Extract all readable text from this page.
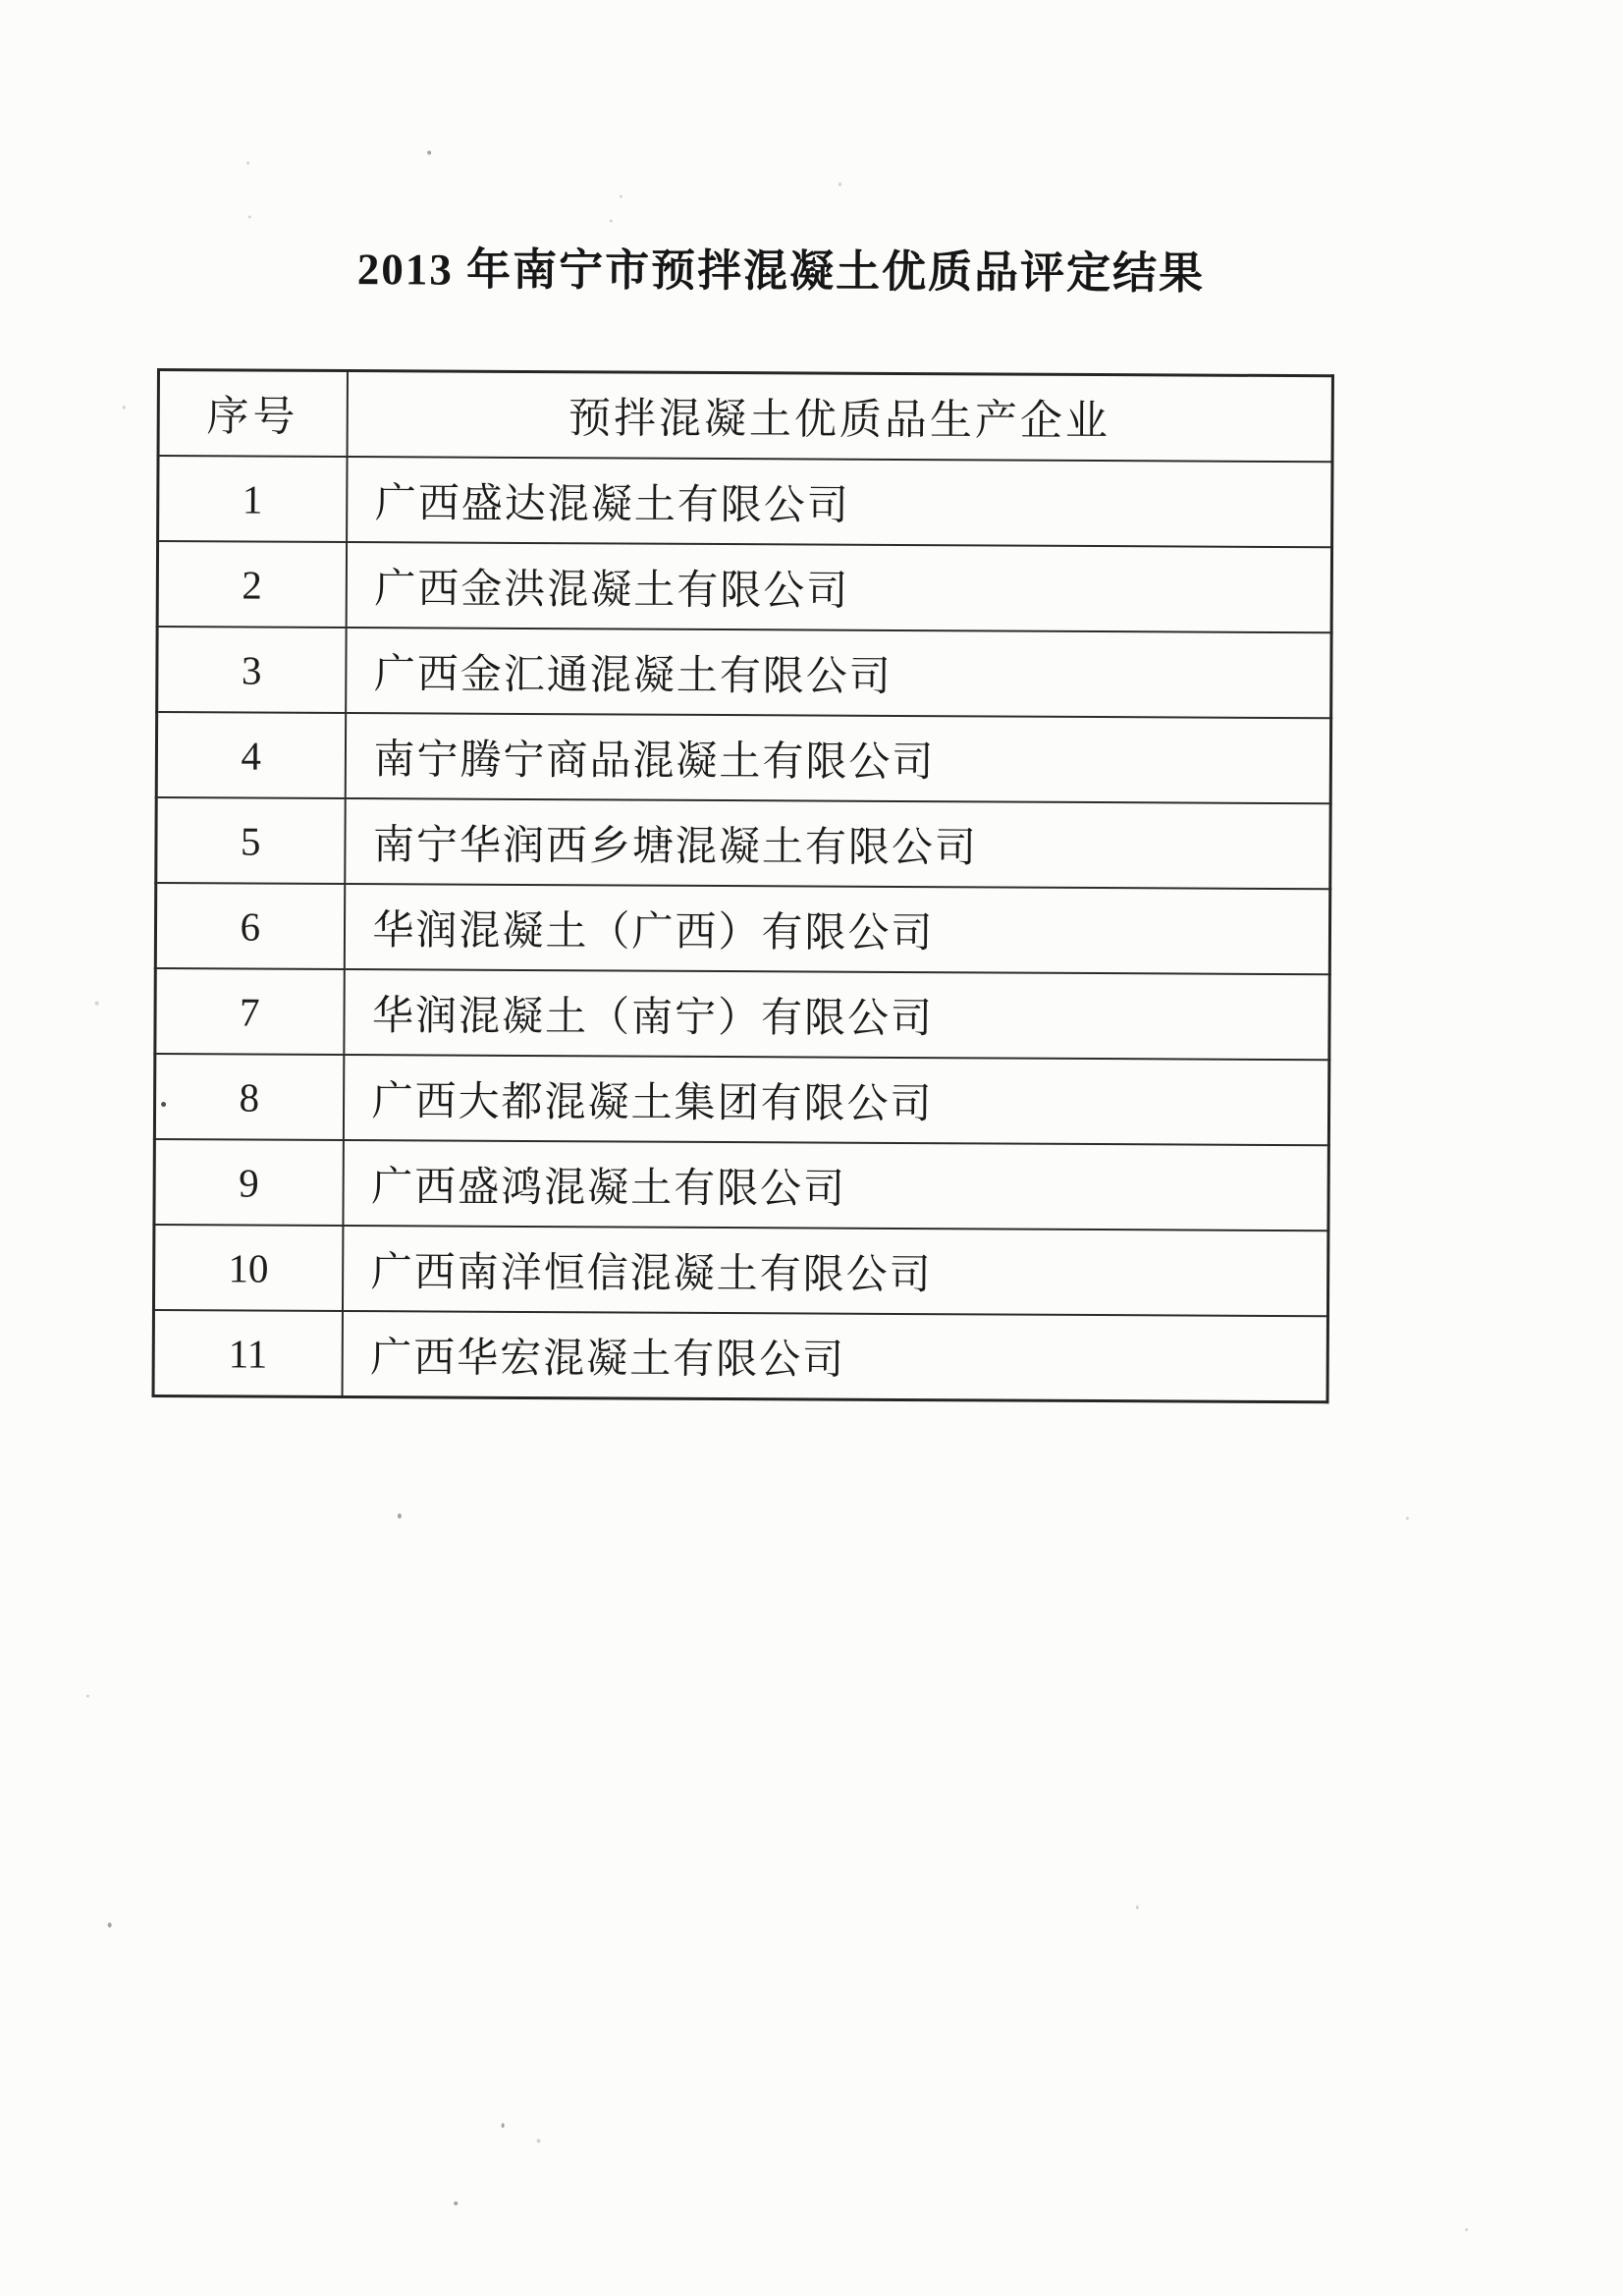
2013 年南宁市预拌混凝土优质品评定结果
序号	预拌混凝土优质品生产企业
1	广西盛达混凝土有限公司
2	广西金洪混凝土有限公司
3	广西金汇通混凝土有限公司
4	南宁腾宁商品混凝土有限公司
5	南宁华润西乡塘混凝土有限公司
6	华润混凝土（广西）有限公司
7	华润混凝土（南宁）有限公司
8	广西大都混凝土集团有限公司
9	广西盛鸿混凝土有限公司
10	广西南洋恒信混凝土有限公司
11	广西华宏混凝土有限公司
